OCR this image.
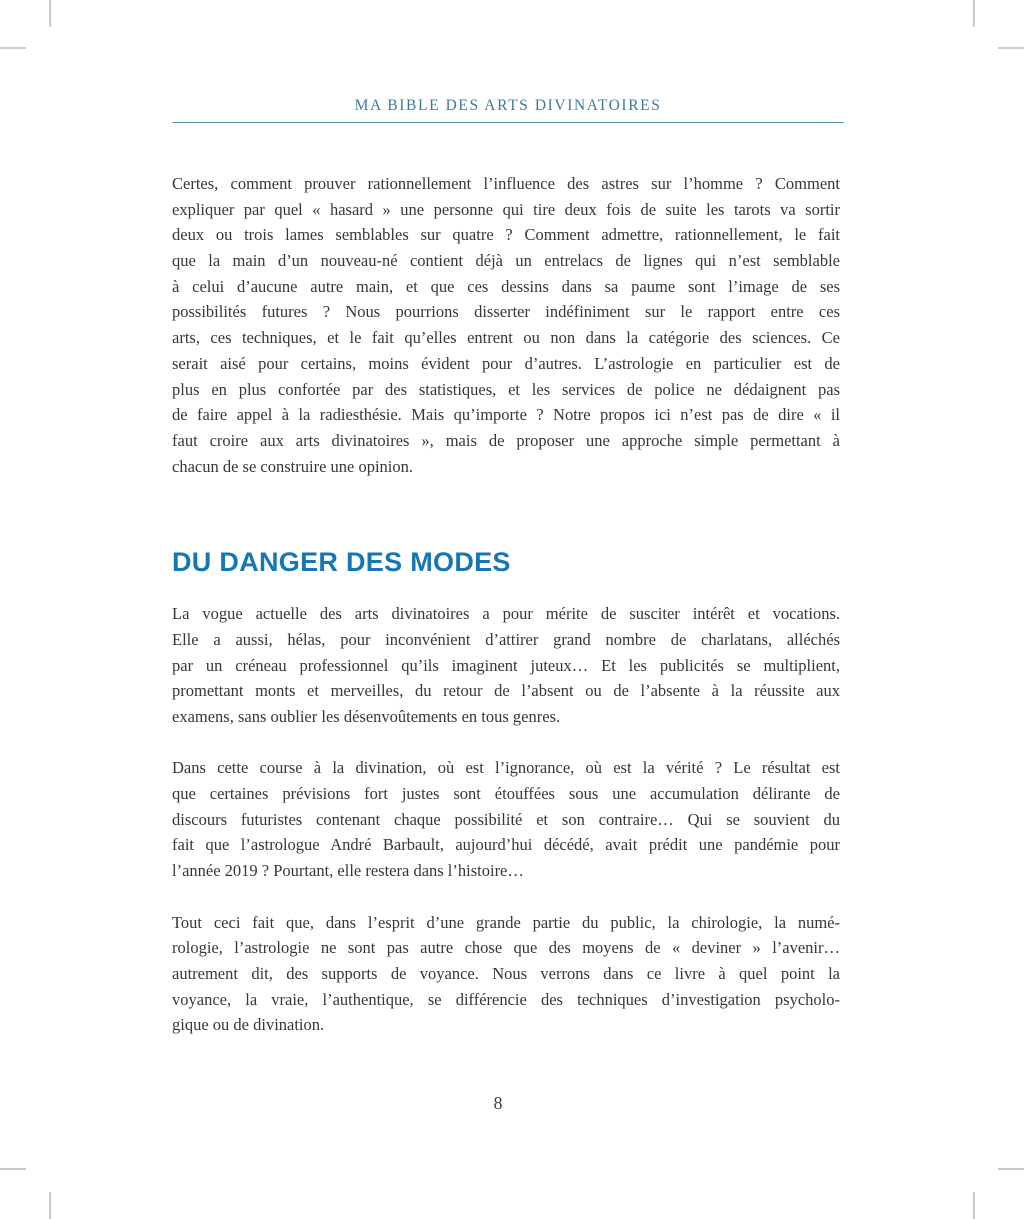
MA BIBLE DES ARTS DIVINATOIRES
Certes, comment prouver rationnellement l’influence des astres sur l’homme ? Comment
expliquer par quel « hasard » une personne qui tire deux fois de suite les tarots va sortir
deux ou trois lames semblables sur quatre ? Comment admettre, rationnellement, le fait
que la main d’un nouveau-né contient déjà un entrelacs de lignes qui n’est semblable
à celui d’aucune autre main, et que ces dessins dans sa paume sont l’image de ses
possibilités futures ? Nous pourrions disserter indéfiniment sur le rapport entre ces
arts, ces techniques, et le fait qu’elles entrent ou non dans la catégorie des sciences. Ce
serait aisé pour certains, moins évident pour d’autres. L’astrologie en particulier est de
plus en plus confortée par des statistiques, et les services de police ne dédaignent pas
de faire appel à la radiesthésie. Mais qu’importe ? Notre propos ici n’est pas de dire « il
faut croire aux arts divinatoires », mais de proposer une approche simple permettant à
chacun de se construire une opinion.
DU DANGER DES MODES
La vogue actuelle des arts divinatoires a pour mérite de susciter intérêt et vocations.
Elle a aussi, hélas, pour inconvénient d’attirer grand nombre de charlatans, alléchés
par un créneau professionnel qu’ils imaginent juteux… Et les publicités se multiplient,
promettant monts et merveilles, du retour de l’absent ou de l’absente à la réussite aux
examens, sans oublier les désenvoûtements en tous genres.
Dans cette course à la divination, où est l’ignorance, où est la vérité ? Le résultat est
que certaines prévisions fort justes sont étouffées sous une accumulation délirante de
discours futuristes contenant chaque possibilité et son contraire… Qui se souvient du
fait que l’astrologue André Barbault, aujourd’hui décédé, avait prédit une pandémie pour
l’année 2019 ? Pourtant, elle restera dans l’histoire…
Tout ceci fait que, dans l’esprit d’une grande partie du public, la chirologie, la numé-
rologie, l’astrologie ne sont pas autre chose que des moyens de « deviner » l’avenir…
autrement dit, des supports de voyance. Nous verrons dans ce livre à quel point la
voyance, la vraie, l’authentique, se différencie des techniques d’investigation psycholo-
gique ou de divination.
8
